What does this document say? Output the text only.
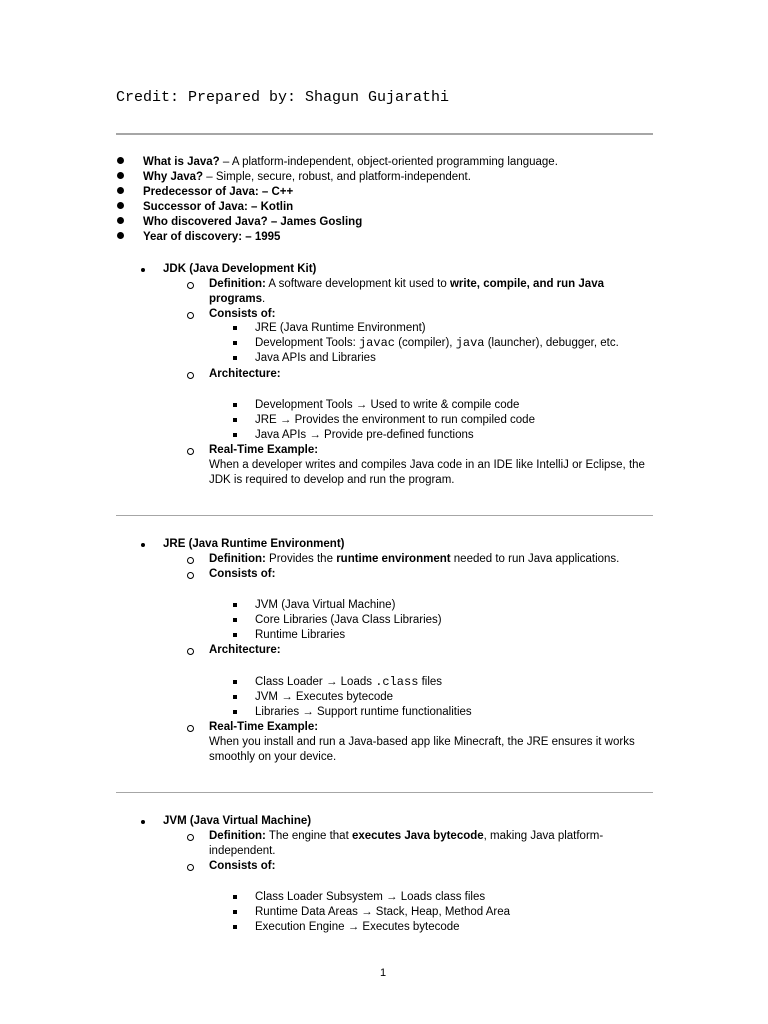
Credit: Prepared by: Shagun Gujarathi
What is Java? – A platform-independent, object-oriented programming language.
Why Java? – Simple, secure, robust, and platform-independent.
Predecessor of Java: – C++
Successor of Java: – Kotlin
Who discovered Java? – James Gosling
Year of discovery: – 1995
JDK (Java Development Kit)
Definition: A software development kit used to write, compile, and run Java
programs.
Consists of:
JRE (Java Runtime Environment)
Development Tools: javac (compiler), java (launcher), debugger, etc.
Java APIs and Libraries
Architecture:
Development Tools → Used to write & compile code
JRE → Provides the environment to run compiled code
Java APIs → Provide pre-defined functions
Real-Time Example:
When a developer writes and compiles Java code in an IDE like IntelliJ or Eclipse, the
JDK is required to develop and run the program.
JRE (Java Runtime Environment)
Definition: Provides the runtime environment needed to run Java applications.
Consists of:
JVM (Java Virtual Machine)
Core Libraries (Java Class Libraries)
Runtime Libraries
Architecture:
Class Loader → Loads .class files
JVM → Executes bytecode
Libraries → Support runtime functionalities
Real-Time Example:
When you install and run a Java-based app like Minecraft, the JRE ensures it works
smoothly on your device.
JVM (Java Virtual Machine)
Definition: The engine that executes Java bytecode, making Java platform-
independent.
Consists of:
Class Loader Subsystem → Loads class files
Runtime Data Areas → Stack, Heap, Method Area
Execution Engine → Executes bytecode
1
